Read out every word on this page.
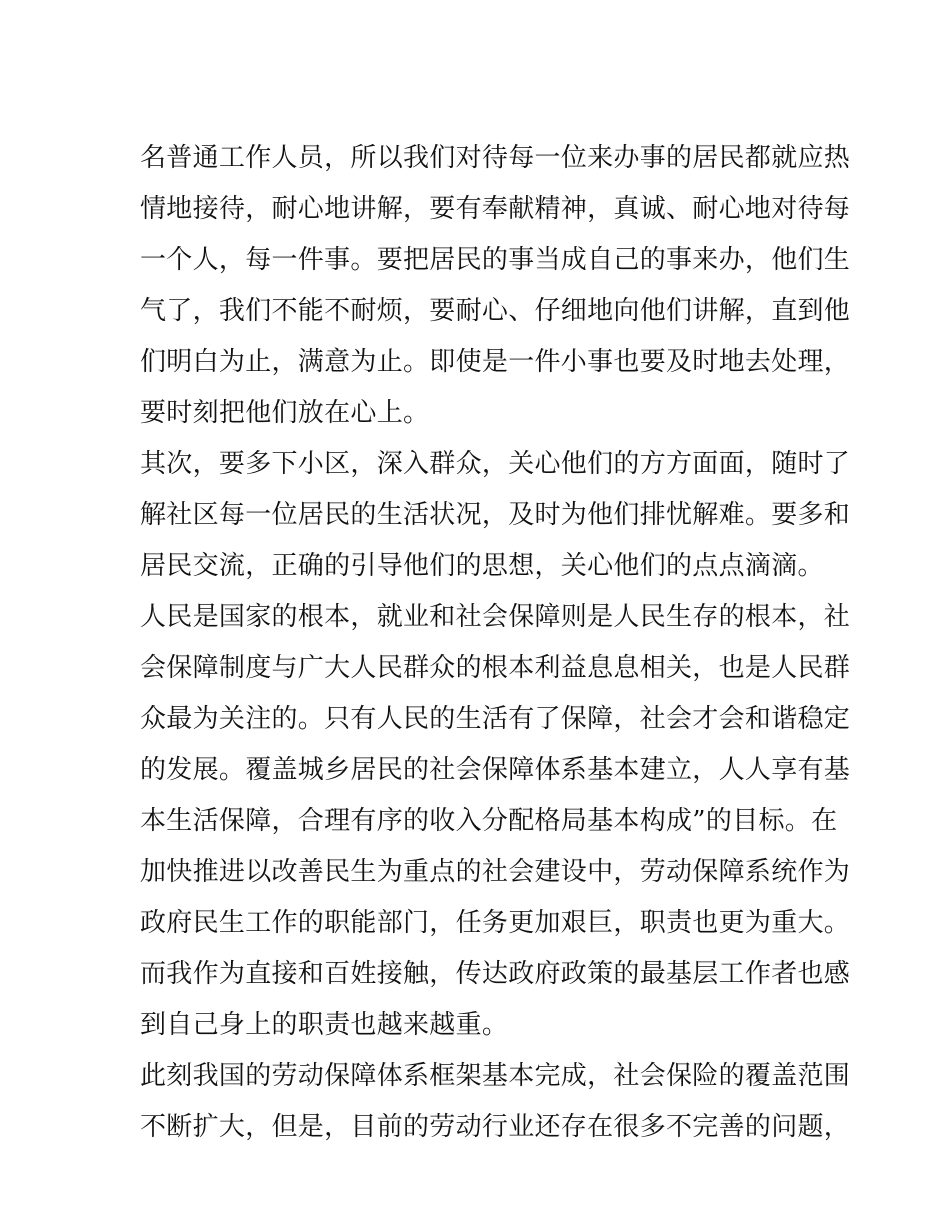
名普通工作人员，所以我们对待每一位来办事的居民都就应热
情地接待，耐心地讲解，要有奉献精神，真诚、耐心地对待每
一个人，每一件事。要把居民的事当成自己的事来办，他们生
气了，我们不能不耐烦，要耐心、仔细地向他们讲解，直到他
们明白为止，满意为止。即使是一件小事也要及时地去处理，
要时刻把他们放在心上。
其次，要多下小区，深入群众，关心他们的方方面面，随时了
解社区每一位居民的生活状况，及时为他们排忧解难。要多和
居民交流，正确的引导他们的思想，关心他们的点点滴滴。
人民是国家的根本，就业和社会保障则是人民生存的根本，社
会保障制度与广大人民群众的根本利益息息相关，也是人民群
众最为关注的。只有人民的生活有了保障，社会才会和谐稳定
的发展。覆盖城乡居民的社会保障体系基本建立，人人享有基
本生活保障，合理有序的收入分配格局基本构成”的目标。在
加快推进以改善民生为重点的社会建设中，劳动保障系统作为
政府民生工作的职能部门，任务更加艰巨，职责也更为重大。
而我作为直接和百姓接触，传达政府政策的最基层工作者也感
到自己身上的职责也越来越重。
此刻我国的劳动保障体系框架基本完成，社会保险的覆盖范围
不断扩大，但是，目前的劳动行业还存在很多不完善的问题，
